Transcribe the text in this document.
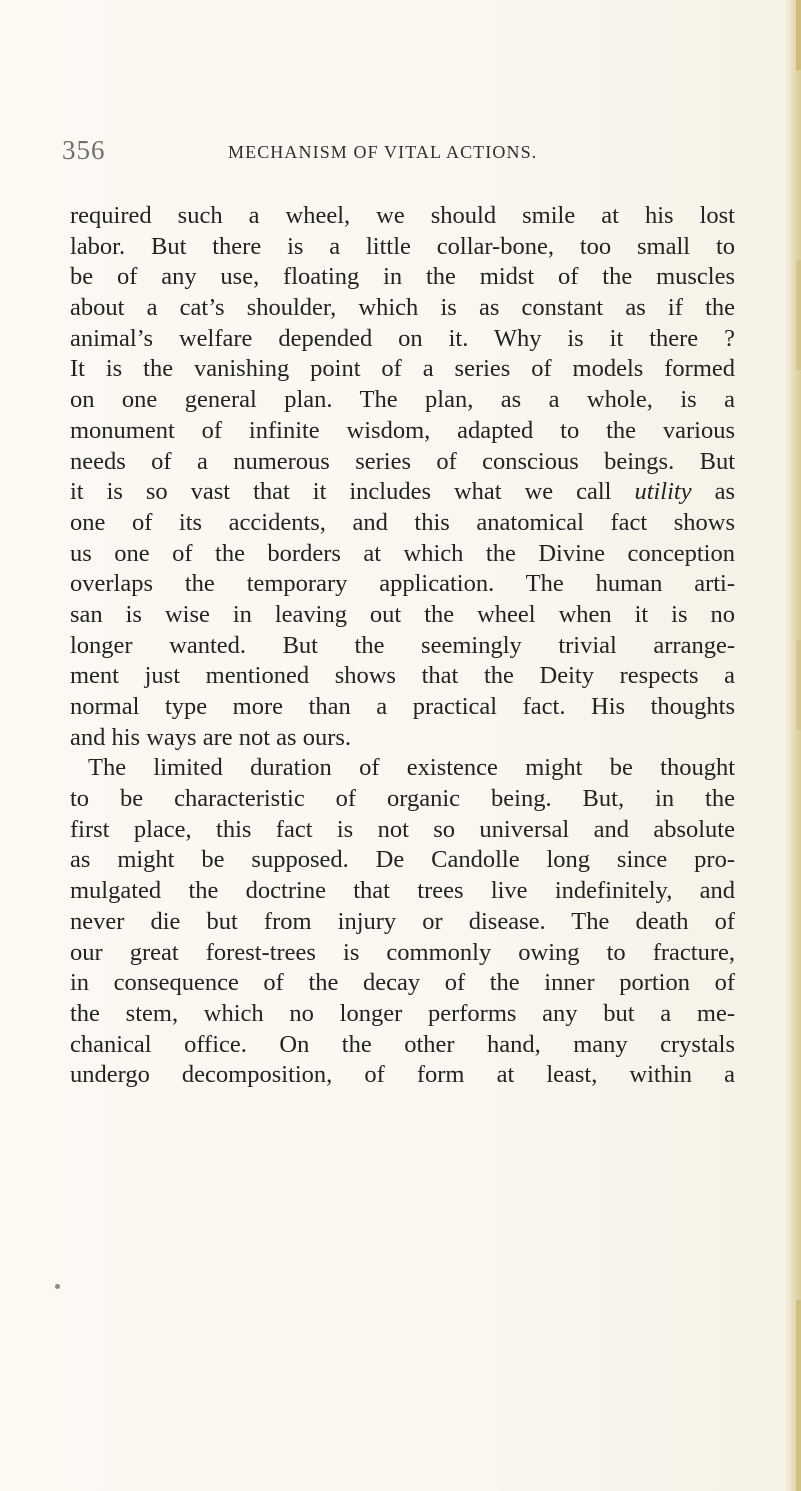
356	MECHANISM OF VITAL ACTIONS.
required such a wheel, we should smile at his lost
labor. But there is a little collar-bone, too small to
be of any use, floating in the midst of the muscles
about a cat’s shoulder, which is as constant as if the
animal’s welfare depended on it. Why is it there ?
It is the vanishing point of a series of models formed
on one general plan. The plan, as a whole, is a
monument of infinite wisdom, adapted to the various
needs of a numerous series of conscious beings. But
it is so vast that it includes what we call utility as
one of its accidents, and this anatomical fact shows
us one of the borders at which the Divine conception
overlaps the temporary application. The human arti-
san is wise in leaving out the wheel when it is no
longer wanted. But the seemingly trivial arrange-
ment just mentioned shows that the Deity respects a
normal type more than a practical fact. His thoughts
and his ways are not as ours.
The limited duration of existence might be thought
to be characteristic of organic being. But, in the
first place, this fact is not so universal and absolute
as might be supposed. De Candolle long since pro-
mulgated the doctrine that trees live indefinitely, and
never die but from injury or disease. The death of
our great forest-trees is commonly owing to fracture,
in consequence of the decay of the inner portion of
the stem, which no longer performs any but a me-
chanical office. On the other hand, many crystals
undergo decomposition, of form at least, within a
